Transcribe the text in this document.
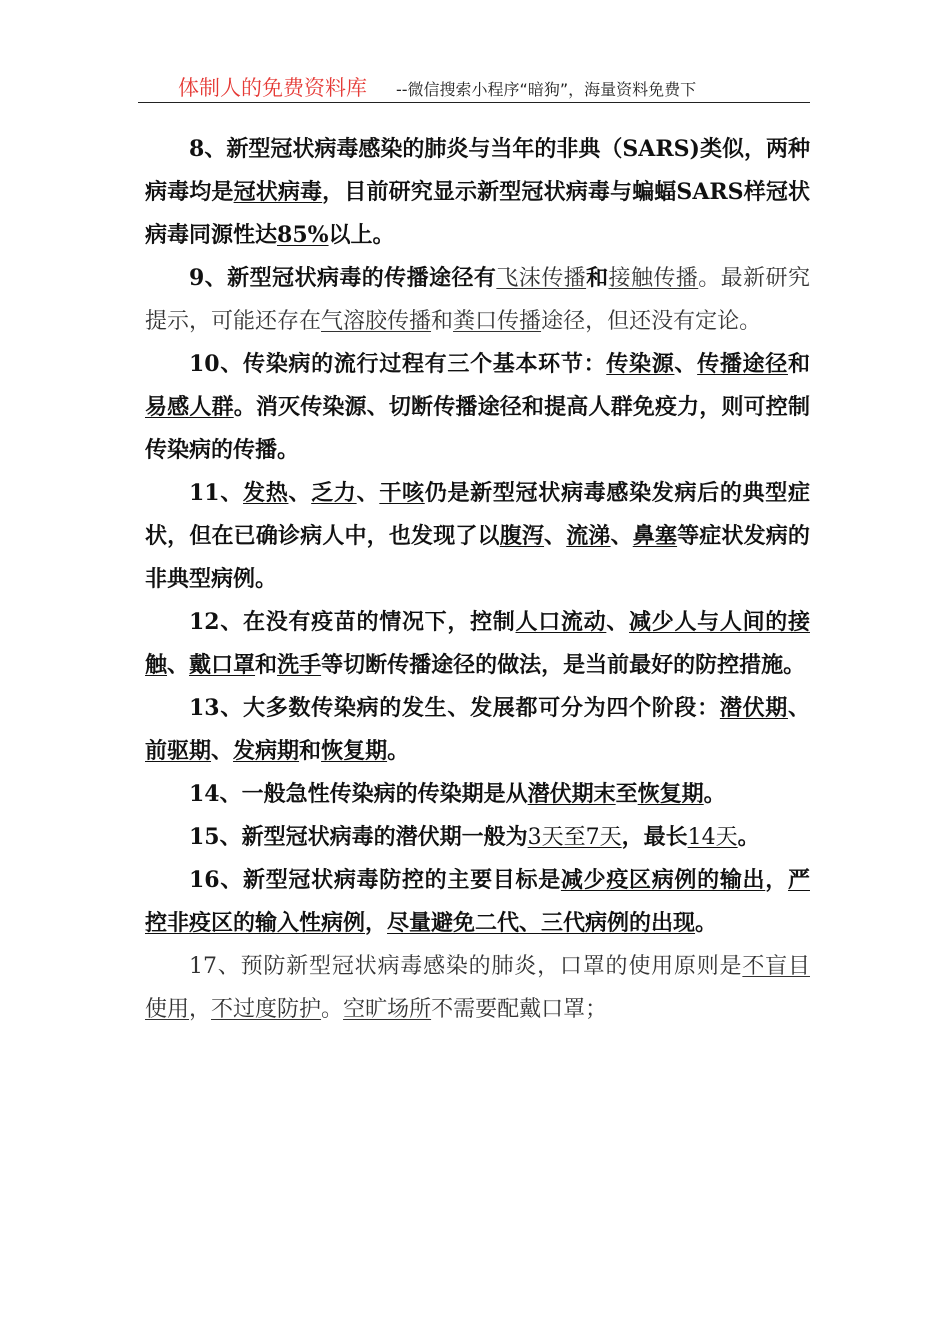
体制人的免费资料库 --微信搜索小程序“暗狗”，海量资料免费下

8、新型冠状病毒感染的肺炎与当年的非典（SARS)类似，两种病毒均是冠状病毒，目前研究显示新型冠状病毒与蝙蝠SARS样冠状病毒同源性达85%以上。

9、新型冠状病毒的传播途径有飞沫传播和接触传播。最新研究提示，可能还存在气溶胶传播和粪口传播途径，但还没有定论。

10、传染病的流行过程有三个基本环节：传染源、传播途径和易感人群。消灭传染源、切断传播途径和提高人群免疫力，则可控制传染病的传播。

11、发热、乏力、干咳仍是新型冠状病毒感染发病后的典型症状，但在已确诊病人中，也发现了以腹泻、流涕、鼻塞等症状发病的非典型病例。

12、在没有疫苗的情况下，控制人口流动、减少人与人间的接触、戴口罩和洗手等切断传播途径的做法，是当前最好的防控措施。

13、大多数传染病的发生、发展都可分为四个阶段：潜伏期、前驱期、发病期和恢复期。

14、一般急性传染病的传染期是从潜伏期末至恢复期。

15、新型冠状病毒的潜伏期一般为3天至7天，最长14天。

16、新型冠状病毒防控的主要目标是减少疫区病例的输出，严控非疫区的输入性病例，尽量避免二代、三代病例的出现。

17、预防新型冠状病毒感染的肺炎，口罩的使用原则是不盲目使用，不过度防护。空旷场所不需要配戴口罩；
